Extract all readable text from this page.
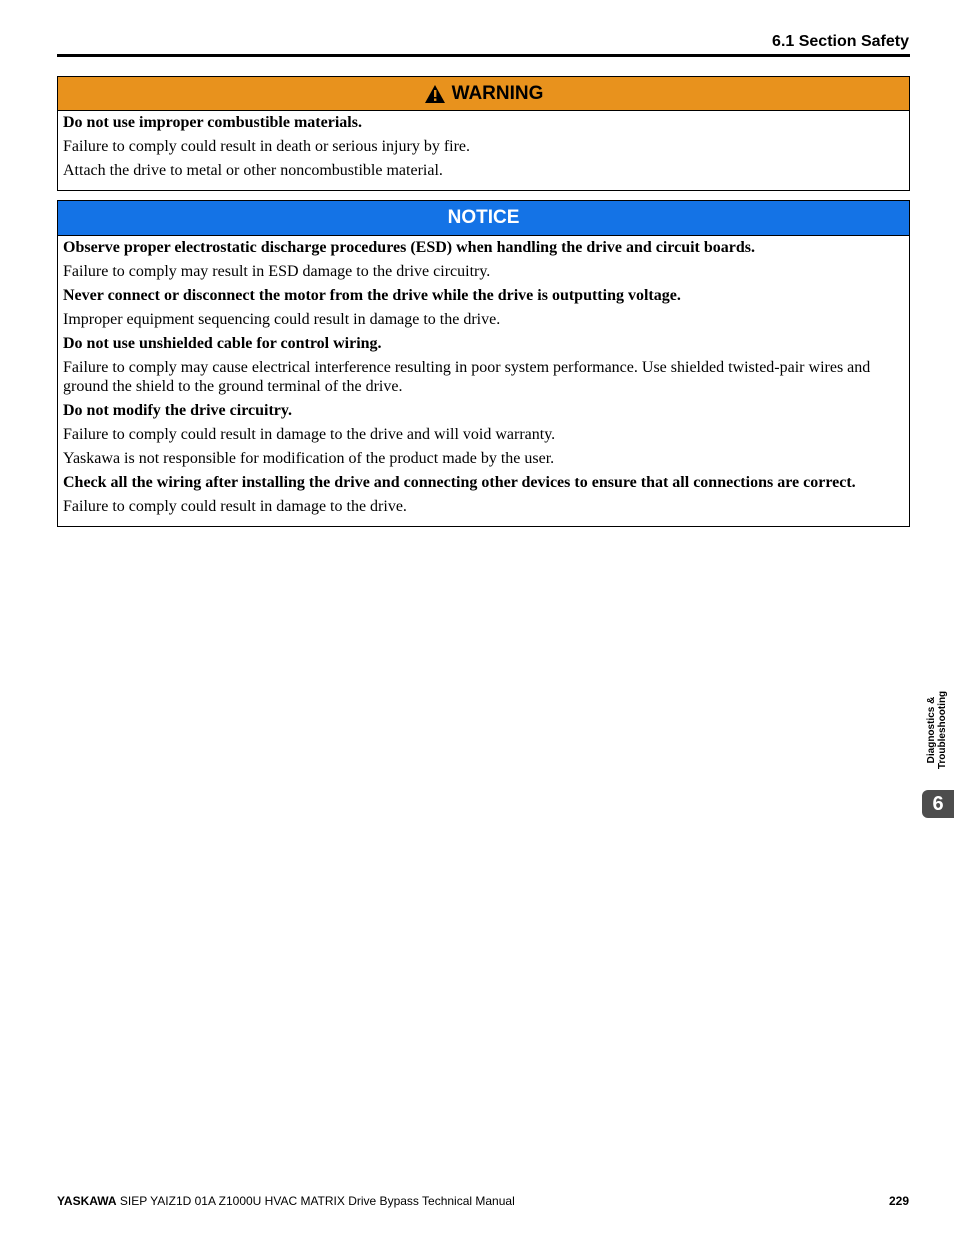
6.1 Section Safety
WARNING

Do not use improper combustible materials.

Failure to comply could result in death or serious injury by fire.

Attach the drive to metal or other noncombustible material.

NOTICE

Observe proper electrostatic discharge procedures (ESD) when handling the drive and circuit boards.

Failure to comply may result in ESD damage to the drive circuitry.

Never connect or disconnect the motor from the drive while the drive is outputting voltage.

Improper equipment sequencing could result in damage to the drive.

Do not use unshielded cable for control wiring.

Failure to comply may cause electrical interference resulting in poor system performance. Use shielded twisted-pair wires and ground the shield to the ground terminal of the drive.

Do not modify the drive circuitry.

Failure to comply could result in damage to the drive and will void warranty.

Yaskawa is not responsible for modification of the product made by the user.

Check all the wiring after installing the drive and connecting other devices to ensure that all connections are correct.

Failure to comply could result in damage to the drive.

Diagnostics & Troubleshooting
6
YASKAWA SIEP YAIZ1D 01A Z1000U HVAC MATRIX Drive Bypass Technical Manual	229
